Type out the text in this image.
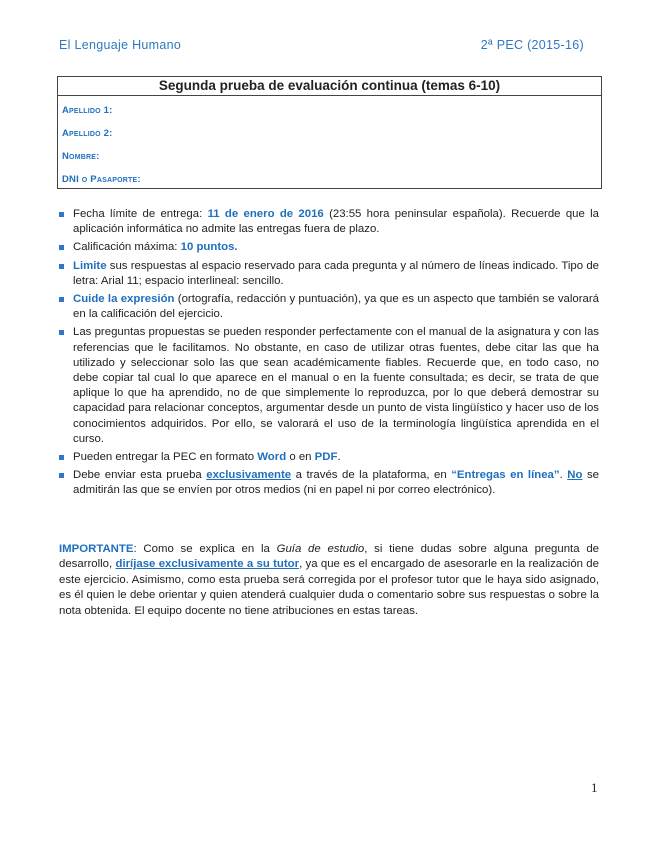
El Lenguaje Humano	2ª PEC (2015-16)
Segunda prueba de evaluación continua (temas 6-10)
Apellido 1:
Apellido 2:
Nombre:
DNI o Pasaporte:
Fecha límite de entrega: 11 de enero de 2016 (23:55 hora peninsular española). Recuerde que la aplicación informática no admite las entregas fuera de plazo.
Calificación máxima: 10 puntos.
Limite sus respuestas al espacio reservado para cada pregunta y al número de líneas indicado. Tipo de letra: Arial 11; espacio interlineal: sencillo.
Cuide la expresión (ortografía, redacción y puntuación), ya que es un aspecto que también se valorará en la calificación del ejercicio.
Las preguntas propuestas se pueden responder perfectamente con el manual de la asignatura y con las referencias que le facilitamos. No obstante, en caso de utilizar otras fuentes, debe citar las que ha utilizado y seleccionar solo las que sean académicamente fiables. Recuerde que, en todo caso, no debe copiar tal cual lo que aparece en el manual o en la fuente consultada; es decir, se trata de que aplique lo que ha aprendido, no de que simplemente lo reproduzca, por lo que deberá demostrar su capacidad para relacionar conceptos, argumentar desde un punto de vista lingüístico y hacer uso de los conocimientos adquiridos. Por ello, se valorará el uso de la terminología lingüística aprendida en el curso.
Pueden entregar la PEC en formato Word o en PDF.
Debe enviar esta prueba exclusivamente a través de la plataforma, en “Entregas en línea”. No se admitirán las que se envíen por otros medios (ni en papel ni por correo electrónico).
IMPORTANTE: Como se explica en la Guía de estudio, si tiene dudas sobre alguna pregunta de desarrollo, diríjase exclusivamente a su tutor, ya que es el encargado de asesorarle en la realización de este ejercicio. Asimismo, como esta prueba será corregida por el profesor tutor que le haya sido asignado, es él quien le debe orientar y quien atenderá cualquier duda o comentario sobre sus respuestas o sobre la nota obtenida. El equipo docente no tiene atribuciones en estas tareas.
1
